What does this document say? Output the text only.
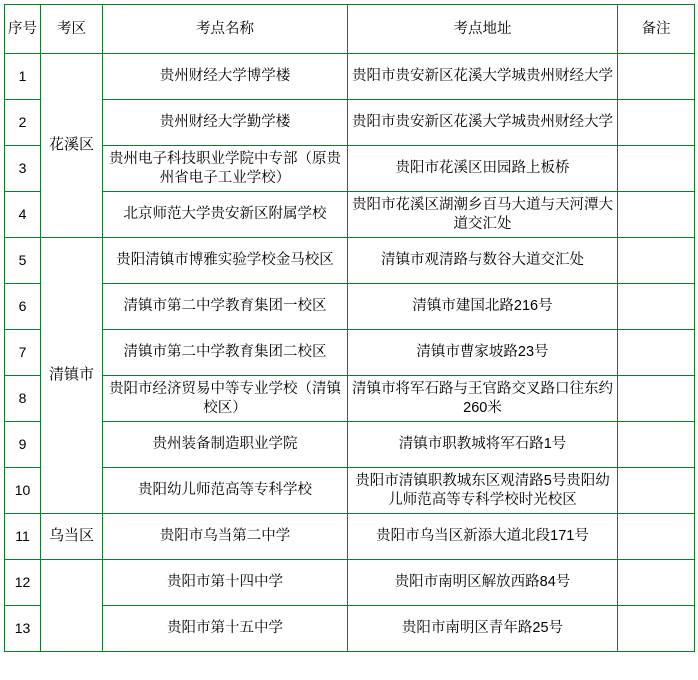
序号	考区	考点名称	考点地址	备注
1	花溪区	贵州财经大学博学楼	贵阳市贵安新区花溪大学城贵州财经大学	
2		贵州财经大学勤学楼	贵阳市贵安新区花溪大学城贵州财经大学	
3		贵州电子科技职业学院中专部（原贵州省电子工业学校）	贵阳市花溪区田园路上板桥	
4		北京师范大学贵安新区附属学校	贵阳市花溪区湖潮乡百马大道与天河潭大道交汇处	
5	清镇市	贵阳清镇市博雅实验学校金马校区	清镇市观清路与数谷大道交汇处	
6		清镇市第二中学教育集团一校区	清镇市建国北路216号	
7		清镇市第二中学教育集团二校区	清镇市曹家坡路23号	
8		贵阳市经济贸易中等专业学校（清镇校区）	清镇市将军石路与王官路交叉路口往东约260米	
9		贵州装备制造职业学院	清镇市职教城将军石路1号	
10		贵阳幼儿师范高等专科学校	贵阳市清镇职教城东区观清路5号贵阳幼儿师范高等专科学校时光校区	
11	乌当区	贵阳市乌当第二中学	贵阳市乌当区新添大道北段171号	
12		贵阳市第十四中学	贵阳市南明区解放西路84号	
13		贵阳市第十五中学	贵阳市南明区青年路25号	
